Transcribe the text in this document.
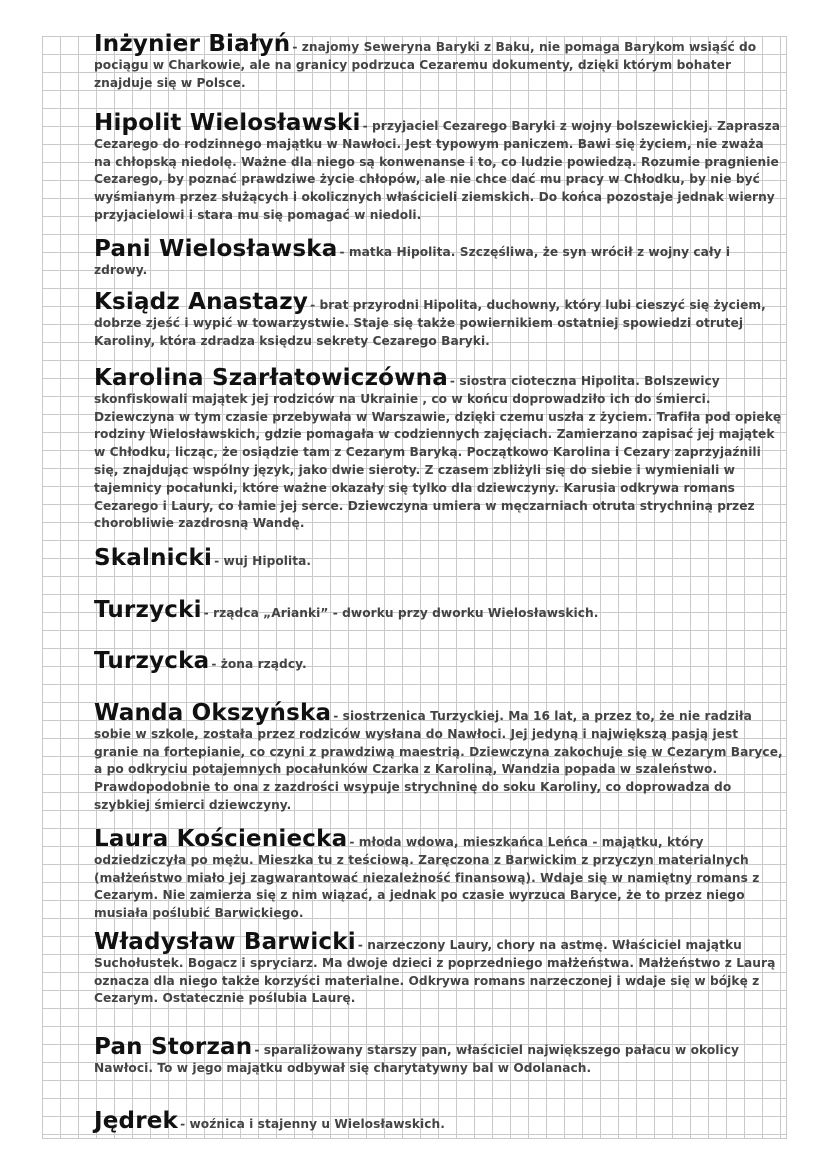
Inżynier Białyń - znajomy Seweryna Baryki z Baku, nie pomaga Barykom wsiąść do pociągu w Charkowie, ale na granicy podrzuca Cezaremu dokumenty, dzięki którym bohater znajduje się w Polsce.

Hipolit Wielosławski - przyjaciel Cezarego Baryki z wojny bolszewickiej. Zaprasza Cezarego do rodzinnego majątku w Nawłoci. Jest typowym paniczem. Bawi się życiem, nie zważa na chłopską niedolę. Ważne dla niego są konwenanse i to, co ludzie powiedzą. Rozumie pragnienie Cezarego, by poznać prawdziwe życie chłopów, ale nie chce dać mu pracy w Chłodku, by nie być wyśmianym przez służących i okolicznych właścicieli ziemskich. Do końca pozostaje jednak wierny przyjacielowi i stara mu się pomagać w niedoli.

Pani Wielosławska - matka Hipolita. Szczęśliwa, że syn wrócił z wojny cały i zdrowy.

Ksiądz Anastazy - brat przyrodni Hipolita, duchowny, który lubi cieszyć się życiem, dobrze zjeść i wypić w towarzystwie. Staje się także powiernikiem ostatniej spowiedzi otrutej Karoliny, która zdradza księdzu sekrety Cezarego Baryki.

Karolina Szarłatowiczówna - siostra cioteczna Hipolita. Bolszewicy skonfiskowali majątek jej rodziców na Ukrainie , co w końcu doprowadziło ich do śmierci. Dziewczyna w tym czasie przebywała w Warszawie, dzięki czemu uszła z życiem. Trafiła pod opiekę rodziny Wielosławskich, gdzie pomagała w codziennych zajęciach. Zamierzano zapisać jej majątek w Chłodku, licząc, że osiądzie tam z Cezarym Baryką. Początkowo Karolina i Cezary zaprzyjaźnili się, znajdując wspólny język, jako dwie sieroty. Z czasem zbliżyli się do siebie i wymieniali w tajemnicy pocałunki, które ważne okazały się tylko dla dziewczyny. Karusia odkrywa romans Cezarego i Laury, co łamie jej serce. Dziewczyna umiera w męczarniach otruta strychniną przez chorobliwie zazdrosną Wandę.

Skalnicki - wuj Hipolita.

Turzycki - rządca „Arianki” - dworku przy dworku Wielosławskich.

Turzycka - żona rządcy.

Wanda Okszyńska - siostrzenica Turzyckiej. Ma 16 lat, a przez to, że nie radziła sobie w szkole, została przez rodziców wysłana do Nawłoci. Jej jedyną i największą pasją jest granie na fortepianie, co czyni z prawdziwą maestrią. Dziewczyna zakochuje się w Cezarym Baryce, a po odkryciu potajemnych pocałunków Czarka z Karoliną, Wandzia popada w szaleństwo. Prawdopodobnie to ona z zazdrości wsypuje strychninę do soku Karoliny, co doprowadza do szybkiej śmierci dziewczyny.

Laura Kościeniecka - młoda wdowa, mieszkańca Leńca - majątku, który odziedziczyła po mężu. Mieszka tu z teściową. Zaręczona z Barwickim z przyczyn materialnych (małżeństwo miało jej zagwarantować niezależność finansową). Wdaje się w namiętny romans z Cezarym. Nie zamierza się z nim wiązać, a jednak po czasie wyrzuca Baryce, że to przez niego musiała poślubić Barwickiego.

Władysław Barwicki - narzeczony Laury, chory na astmę. Właściciel majątku Suchołustek. Bogacz i spryciarz. Ma dwoje dzieci z poprzedniego małżeństwa. Małżeństwo z Laurą oznacza dla niego także korzyści materialne. Odkrywa romans narzeczonej i wdaje się w bójkę z Cezarym. Ostatecznie poślubia Laurę.

Pan Storzan - sparaliżowany starszy pan, właściciel największego pałacu w okolicy Nawłoci. To w jego majątku odbywał się charytatywny bal w Odolanach.

Jędrek - woźnica i stajenny u Wielosławskich.
